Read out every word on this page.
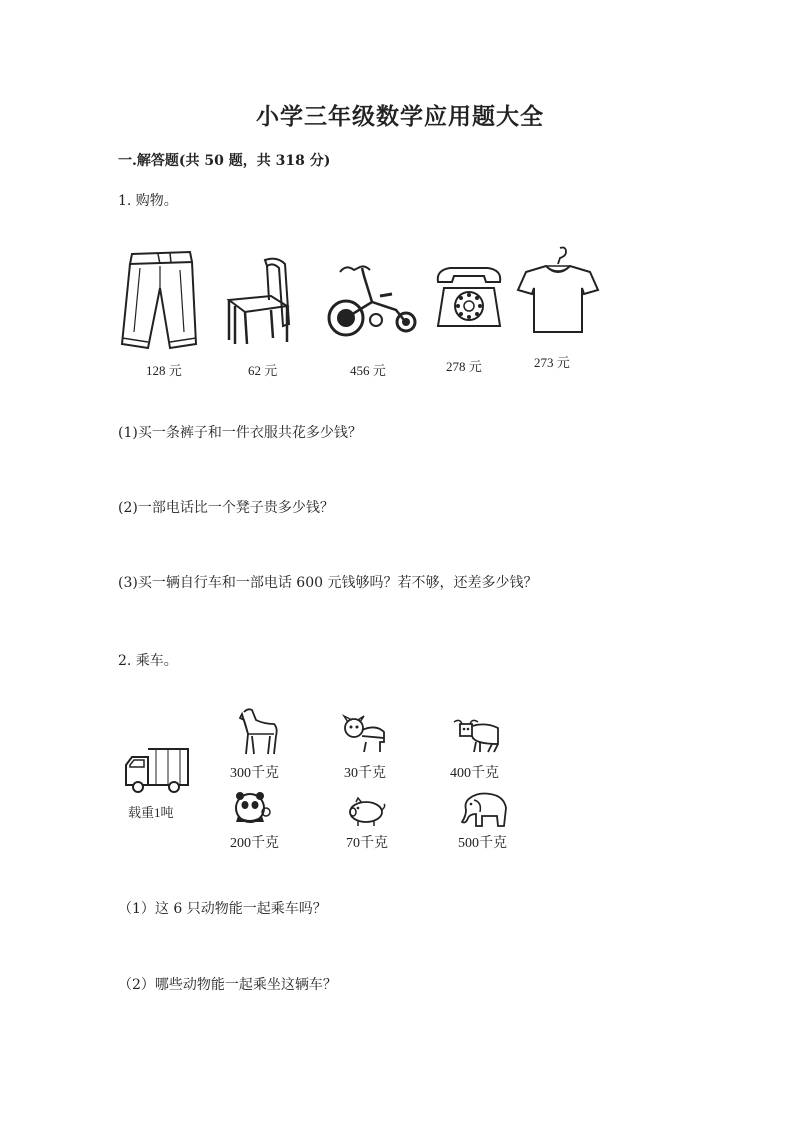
小学三年级数学应用题大全
一.解答题(共 50 题，共 318 分)
1. 购物。
128 元	62 元	456 元	278 元	273 元
(1)买一条裤子和一件衣服共花多少钱？
(2)一部电话比一个凳子贵多少钱？
(3)买一辆自行车和一部电话 600 元钱够吗？若不够，还差多少钱？
2. 乘车。
载重1吨
300千克	30千克	400千克
200千克	70千克	500千克
（1）这 6 只动物能一起乘车吗？
（2）哪些动物能一起乘坐这辆车？
